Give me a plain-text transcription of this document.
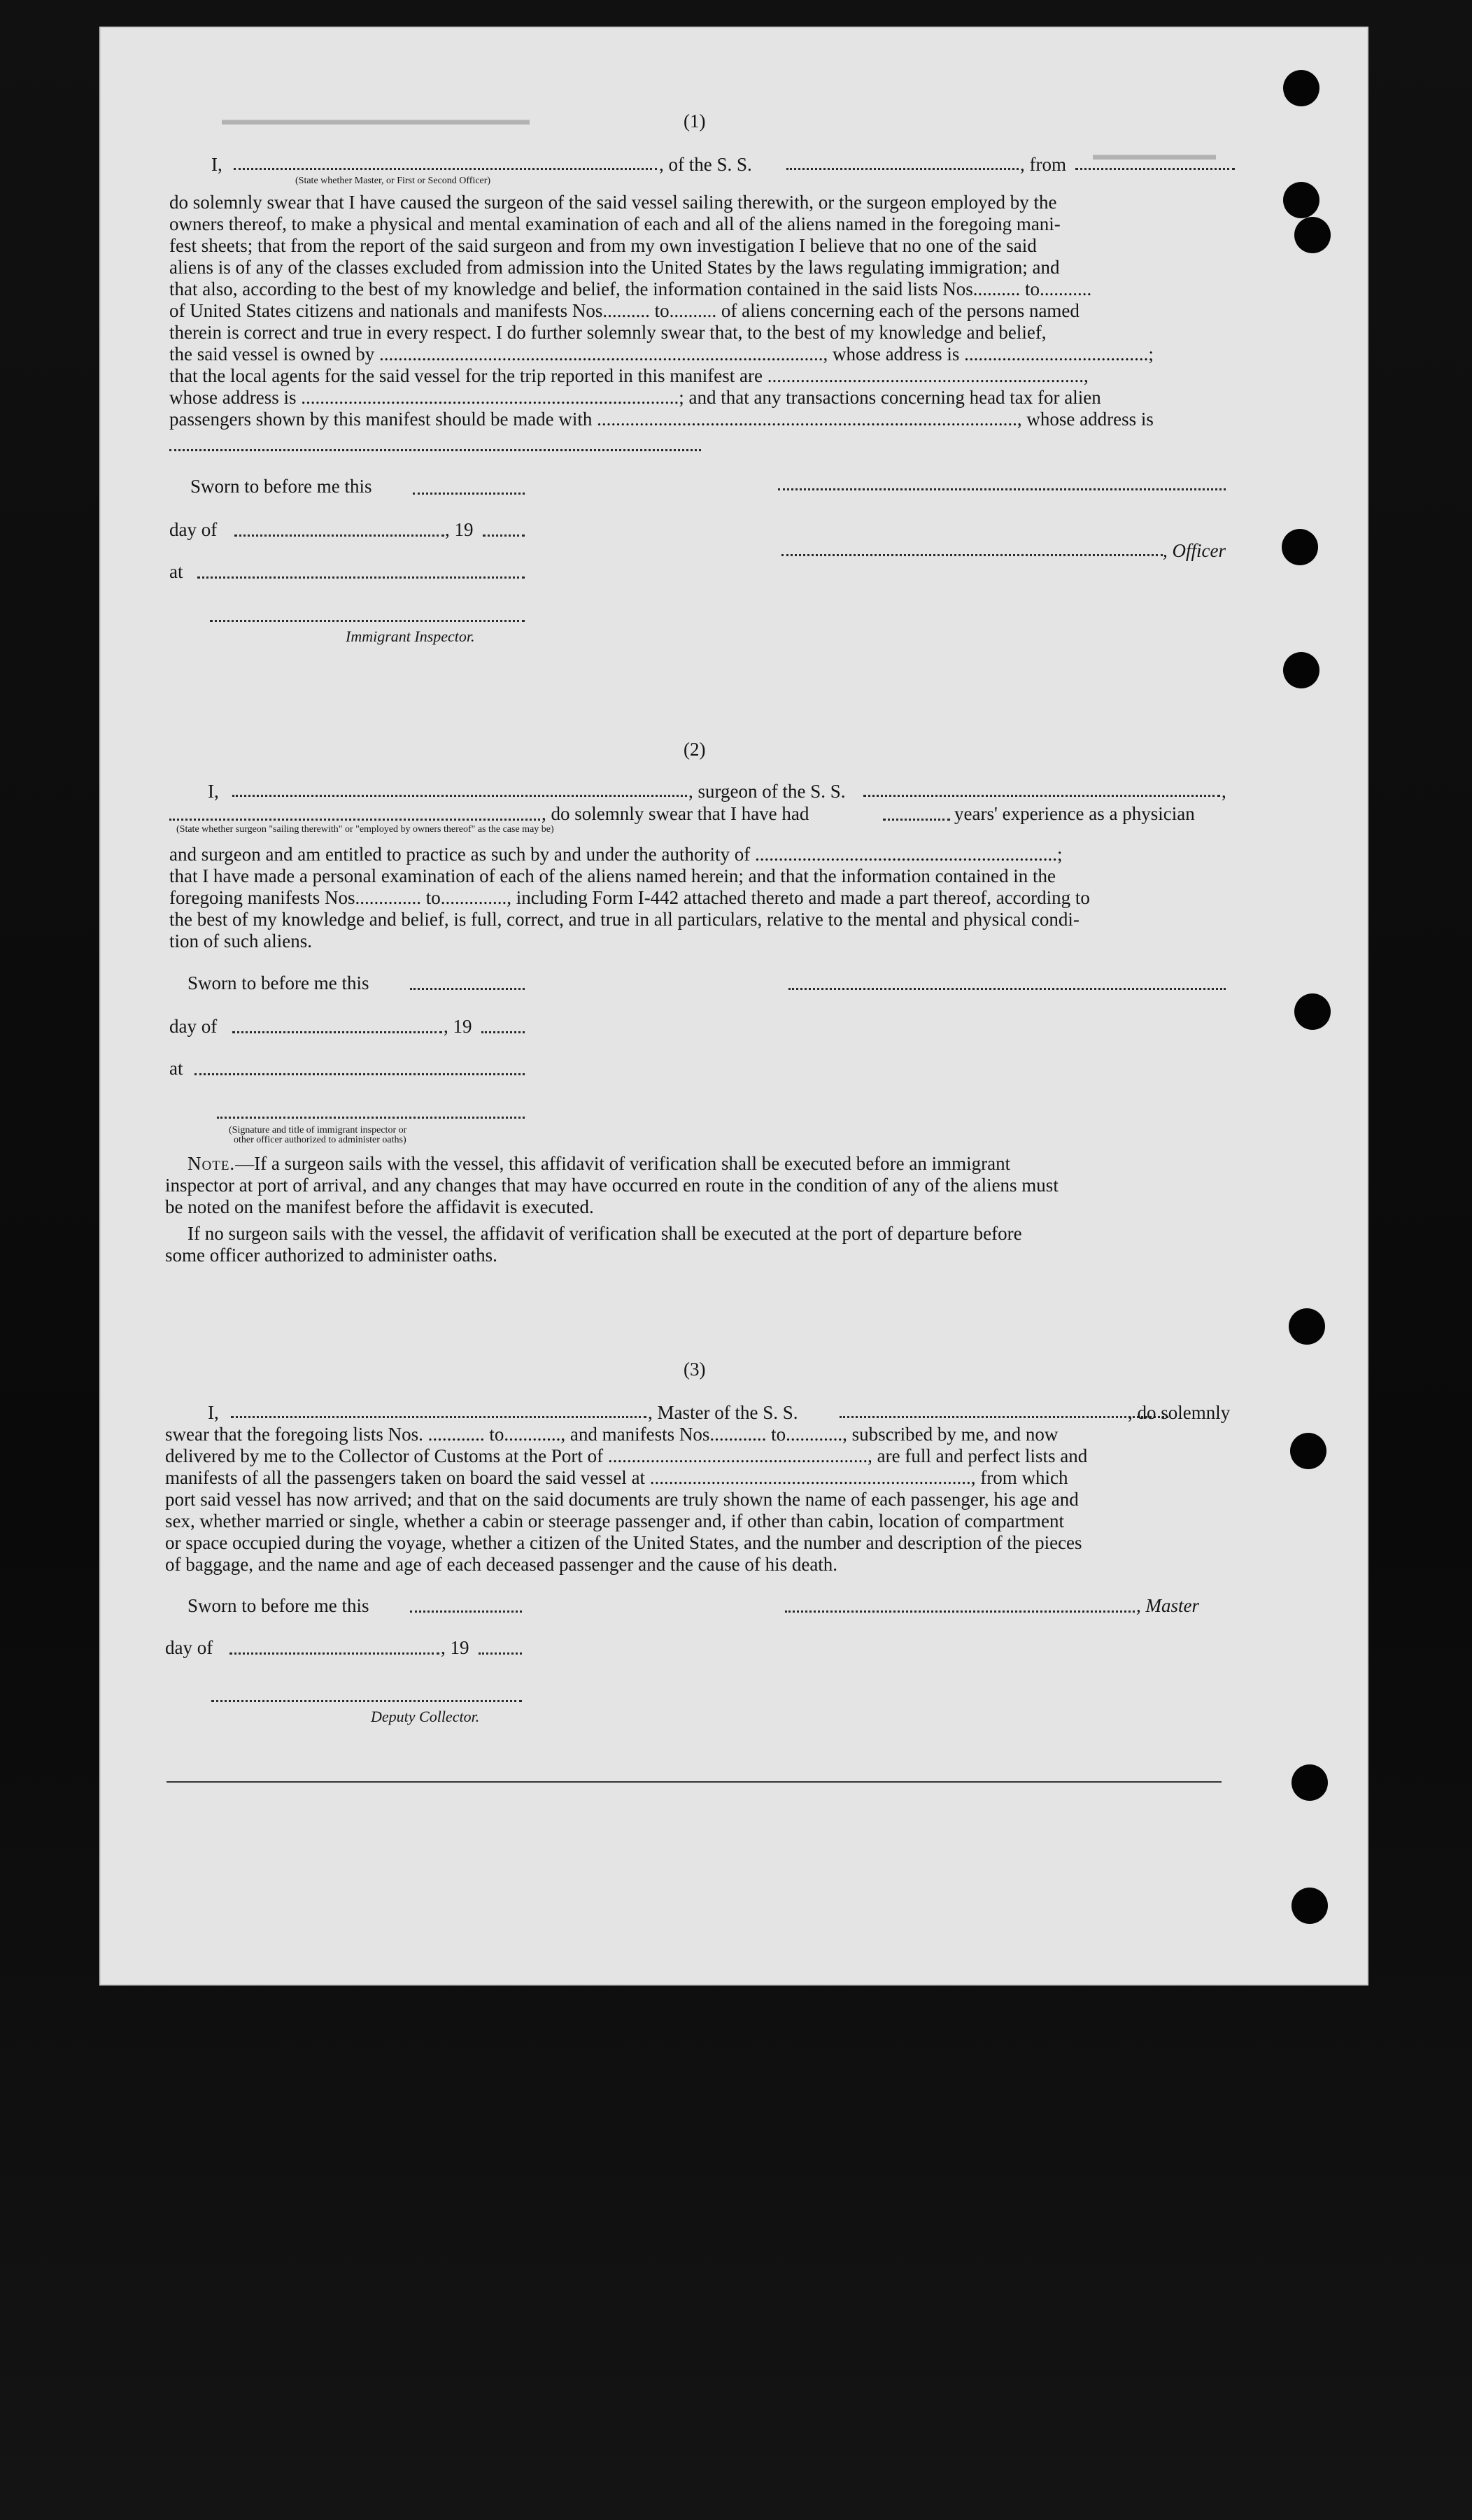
▬▬▬▬▬▬▬▬▬▬▬▬▬▬▬▬▬▬▬▬
▬▬▬▬▬▬▬▬
(1)
I,	, of the S. S.	, from
(State whether Master, or First or Second Officer)
do solemnly swear that I have caused the surgeon of the said vessel sailing therewith, or the surgeon employed by the
owners thereof, to make a physical and mental examination of each and all of the aliens named in the foregoing mani-
fest sheets; that from the report of the said surgeon and from my own investigation I believe that no one of the said
aliens is of any of the classes excluded from admission into the United States by the laws regulating immigration; and
that also, according to the best of my knowledge and belief, the information contained in the said lists Nos.......... to...........
of United States citizens and nationals and manifests Nos.......... to.......... of aliens concerning each of the persons named
therein is correct and true in every respect. I do further solemnly swear that, to the best of my knowledge and belief,
the said vessel is owned by .............................................................................................., whose address is .......................................;
that the local agents for the said vessel for the trip reported in this manifest are ...................................................................,
whose address is ................................................................................; and that any transactions concerning head tax for alien
passengers shown by this manifest should be made with ........................................................................................., whose address is
Sworn to before me this
day of	, 19
, Officer
at
Immigrant Inspector.
(2)
I,	, surgeon of the S. S.	,
, do solemnly swear that I have had	years' experience as a physician
(State whether surgeon "sailing therewith" or "employed by owners thereof" as the case may be)
and surgeon and am entitled to practice as such by and under the authority of ................................................................;
that I have made a personal examination of each of the aliens named herein; and that the information contained in the
foregoing manifests Nos.............. to.............., including Form I-442 attached thereto and made a part thereof, according to
the best of my knowledge and belief, is full, correct, and true in all particulars, relative to the mental and physical condi-
tion of such aliens.
Sworn to before me this
day of	, 19
at
(Signature and title of immigrant inspector or
other officer authorized to administer oaths)
Note.—If a surgeon sails with the vessel, this affidavit of verification shall be executed before an immigrant
inspector at port of arrival, and any changes that may have occurred en route in the condition of any of the aliens must
be noted on the manifest before the affidavit is executed.
If no surgeon sails with the vessel, the affidavit of verification shall be executed at the port of departure before
some officer authorized to administer oaths.
(3)
I,	, Master of the S. S.	, do solemnly
swear that the foregoing lists Nos. ............ to............, and manifests Nos............ to............, subscribed by me, and now
delivered by me to the Collector of Customs at the Port of ......................................................., are full and perfect lists and
manifests of all the passengers taken on board the said vessel at ...................................................................., from which
port said vessel has now arrived; and that on the said documents are truly shown the name of each passenger, his age and
sex, whether married or single, whether a cabin or steerage passenger and, if other than cabin, location of compartment
or space occupied during the voyage, whether a citizen of the United States, and the number and description of the pieces
of baggage, and the name and age of each deceased passenger and the cause of his death.
Sworn to before me this	, Master
day of	, 19
Deputy Collector.
